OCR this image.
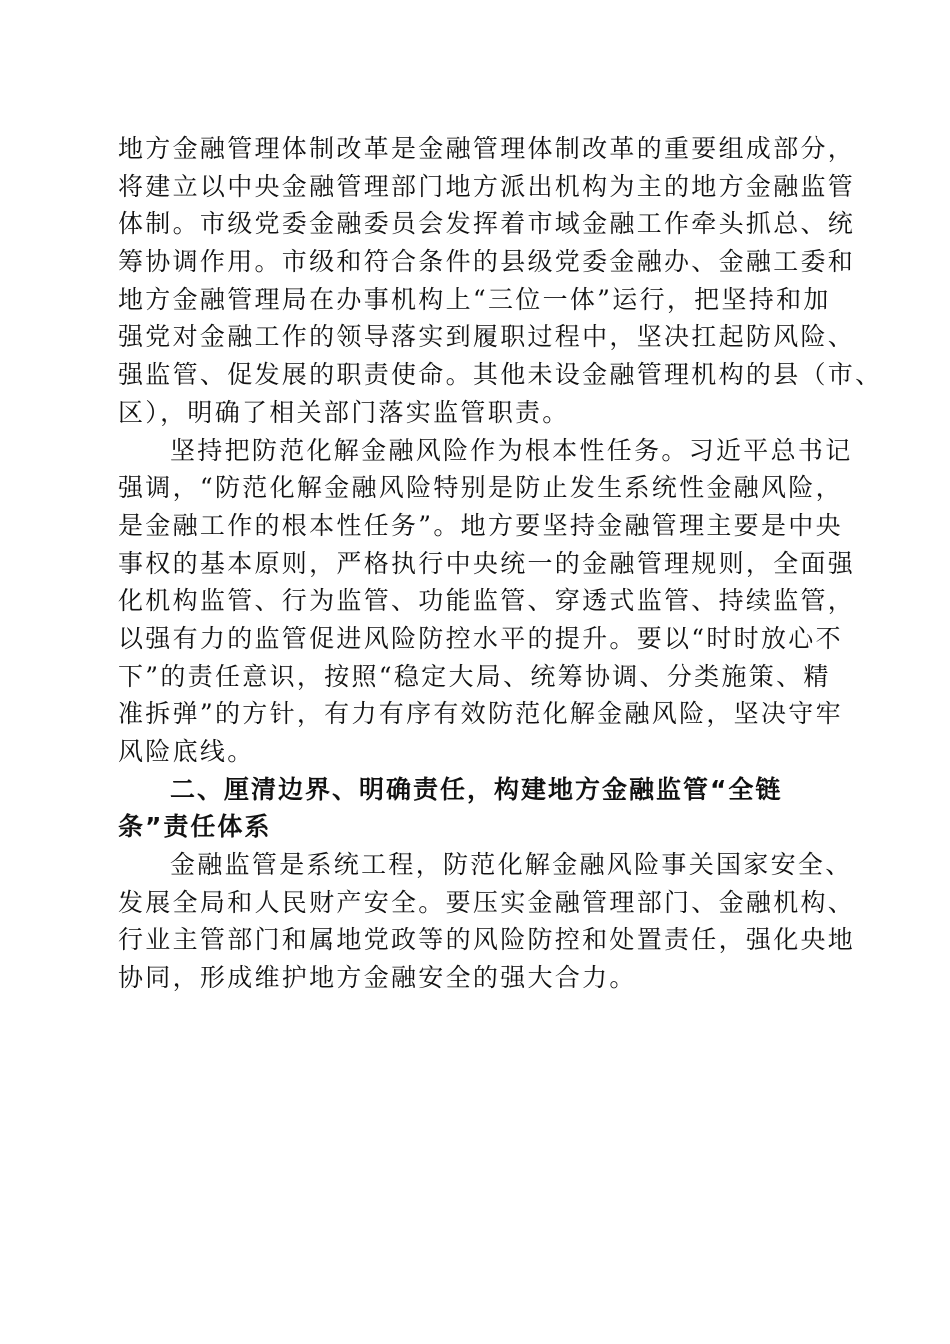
地方金融管理体制改革是金融管理体制改革的重要组成部分，
将建立以中央金融管理部门地方派出机构为主的地方金融监管
体制。市级党委金融委员会发挥着市域金融工作牵头抓总、统
筹协调作用。市级和符合条件的县级党委金融办、金融工委和
地方金融管理局在办事机构上“三位一体”运行，把坚持和加
强党对金融工作的领导落实到履职过程中，坚决扛起防风险、
强监管、促发展的职责使命。其他未设金融管理机构的县（市、
区），明确了相关部门落实监管职责。
坚持把防范化解金融风险作为根本性任务。习近平总书记
强调，“防范化解金融风险特别是防止发生系统性金融风险，
是金融工作的根本性任务”。地方要坚持金融管理主要是中央
事权的基本原则，严格执行中央统一的金融管理规则，全面强
化机构监管、行为监管、功能监管、穿透式监管、持续监管，
以强有力的监管促进风险防控水平的提升。要以“时时放心不
下”的责任意识，按照“稳定大局、统筹协调、分类施策、精
准拆弹”的方针，有力有序有效防范化解金融风险，坚决守牢
风险底线。
二、厘清边界、明确责任，构建地方金融监管“全链
条”责任体系
金融监管是系统工程，防范化解金融风险事关国家安全、
发展全局和人民财产安全。要压实金融管理部门、金融机构、
行业主管部门和属地党政等的风险防控和处置责任，强化央地
协同，形成维护地方金融安全的强大合力。
